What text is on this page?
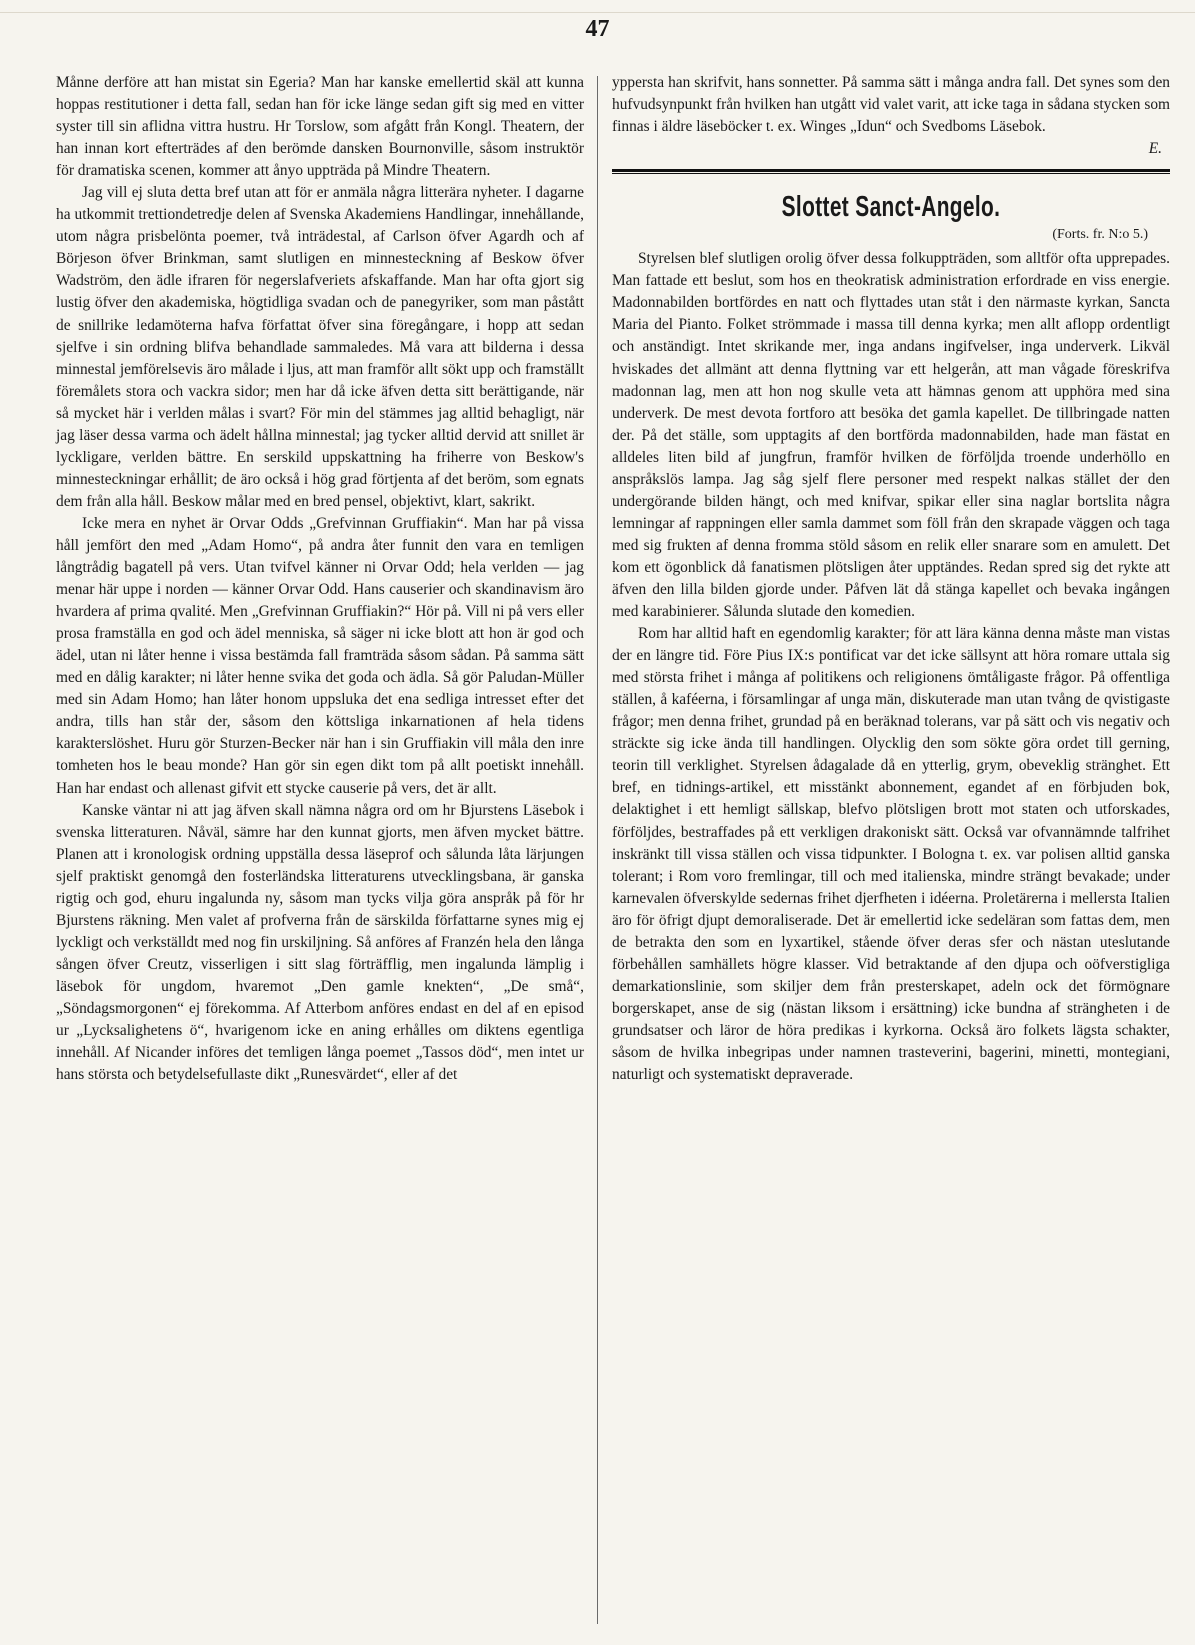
47

Månne derföre att han mistat sin Egeria? Man har kanske emellertid skäl att kunna hoppas restitutioner i detta fall, sedan han för icke länge sedan gift sig med en vitter syster till sin aflidna vittra hustru. Hr Torslow, som afgått från Kongl. Theatern, der han innan kort efterträdes af den berömde dansken Bournonville, såsom instruktör för dramatiska scenen, kommer att ånyo uppträda på Mindre Theatern.

Jag vill ej sluta detta bref utan att för er anmäla några litterära nyheter. I dagarne ha utkommit trettiondetredje delen af Svenska Akademiens Handlingar, innehållande, utom några prisbelönta poemer, två inträdestal, af Carlson öfver Agardh och af Börjeson öfver Brinkman, samt slutligen en minnesteckning af Beskow öfver Wadström, den ädle ifraren för negerslafveriets afskaffande. Man har ofta gjort sig lustig öfver den akademiska, högtidliga svadan och de panegyriker, som man påstått de snillrike ledamöterna hafva författat öfver sina föregångare, i hopp att sedan sjelfve i sin ordning blifva behandlade sammaledes. Må vara att bilderna i dessa minnestal jemförelsevis äro målade i ljus, att man framför allt sökt upp och framställt föremålets stora och vackra sidor; men har då icke äfven detta sitt berättigande, när så mycket här i verlden målas i svart? För min del stämmes jag alltid behagligt, när jag läser dessa varma och ädelt hållna minnestal; jag tycker alltid dervid att snillet är lyckligare, verlden bättre. En serskild uppskattning ha friherre von Beskow's minnesteckningar erhållit; de äro också i hög grad förtjenta af det beröm, som egnats dem från alla håll. Beskow målar med en bred pensel, objektivt, klart, sakrikt.

Icke mera en nyhet är Orvar Odds „Grefvinnan Gruffiakin“. Man har på vissa håll jemfört den med „Adam Homo“, på andra åter funnit den vara en temligen långtrådig bagatell på vers. Utan tvifvel känner ni Orvar Odd; hela verlden — jag menar här uppe i norden — känner Orvar Odd. Hans causerier och skandinavism äro hvardera af prima qvalité. Men „Grefvinnan Gruffiakin?“ Hör på. Vill ni på vers eller prosa framställa en god och ädel menniska, så säger ni icke blott att hon är god och ädel, utan ni låter henne i vissa bestämda fall framträda såsom sådan. På samma sätt med en dålig karakter; ni låter henne svika det goda och ädla. Så gör Paludan-Müller med sin Adam Homo; han låter honom uppsluka det ena sedliga intresset efter det andra, tills han står der, såsom den köttsliga inkarnationen af hela tidens karakterslöshet. Huru gör Sturzen-Becker när han i sin Gruffiakin vill måla den inre tomheten hos le beau monde? Han gör sin egen dikt tom på allt poetiskt innehåll. Han har endast och allenast gifvit ett stycke causerie på vers, det är allt.

Kanske väntar ni att jag äfven skall nämna några ord om hr Bjurstens Läsebok i svenska litteraturen. Nåväl, sämre har den kunnat gjorts, men äfven mycket bättre. Planen att i kronologisk ordning uppställa dessa läseprof och sålunda låta lärjungen sjelf praktiskt genomgå den fosterländska litteraturens utvecklingsbana, är ganska rigtig och god, ehuru ingalunda ny, såsom man tycks vilja göra anspråk på för hr Bjurstens räkning. Men valet af profverna från de särskilda författarne synes mig ej lyckligt och verkställdt med nog fin urskiljning. Så anföres af Franzén hela den långa sången öfver Creutz, visserligen i sitt slag förträfflig, men ingalunda lämplig i läsebok för ungdom, hvaremot „Den gamle knekten“, „De små“, „Söndagsmorgonen“ ej förekomma. Af Atterbom anföres endast en del af en episod ur „Lycksalighetens ö“, hvarigenom icke en aning erhålles om diktens egentliga innehåll. Af Nicander införes det temligen långa poemet „Tassos död“, men intet ur hans största och betydelsefullaste dikt „Runesvärdet“, eller af det

yppersta han skrifvit, hans sonnetter. På samma sätt i många andra fall. Det synes som den hufvudsynpunkt från hvilken han utgått vid valet varit, att icke taga in sådana stycken som finnas i äldre läseböcker t. ex. Winges „Idun“ och Svedboms Läsebok.

E.

Slottet Sanct-Angelo.

(Forts. fr. N:o 5.)

Styrelsen blef slutligen orolig öfver dessa folkuppträden, som alltför ofta upprepades. Man fattade ett beslut, som hos en theokratisk administration erfordrade en viss energie. Madonnabilden bortfördes en natt och flyttades utan ståt i den närmaste kyrkan, Sancta Maria del Pianto. Folket strömmade i massa till denna kyrka; men allt aflopp ordentligt och anständigt. Intet skrikande mer, inga andans ingifvelser, inga underverk. Likväl hviskades det allmänt att denna flyttning var ett helgerån, att man vågade föreskrifva madonnan lag, men att hon nog skulle veta att hämnas genom att upphöra med sina underverk. De mest devota fortforo att besöka det gamla kapellet. De tillbringade natten der. På det ställe, som upptagits af den bortförda madonnabilden, hade man fästat en alldeles liten bild af jungfrun, framför hvilken de förföljda troende underhöllo en anspråkslös lampa. Jag såg sjelf flere personer med respekt nalkas stället der den undergörande bilden hängt, och med knifvar, spikar eller sina naglar bortslita några lemningar af rappningen eller samla dammet som föll från den skrapade väggen och taga med sig frukten af denna fromma stöld såsom en relik eller snarare som en amulett. Det kom ett ögonblick då fanatismen plötsligen åter upptändes. Redan spred sig det rykte att äfven den lilla bilden gjorde under. Påfven lät då stänga kapellet och bevaka ingången med karabinierer. Sålunda slutade den komedien.

Rom har alltid haft en egendomlig karakter; för att lära känna denna måste man vistas der en längre tid. Före Pius IX:s pontificat var det icke sällsynt att höra romare uttala sig med största frihet i många af politikens och religionens ömtåligaste frågor. På offentliga ställen, å kaféerna, i församlingar af unga män, diskuterade man utan tvång de qvistigaste frågor; men denna frihet, grundad på en beräknad tolerans, var på sätt och vis negativ och sträckte sig icke ända till handlingen. Olycklig den som sökte göra ordet till gerning, teorin till verklighet. Styrelsen ådagalade då en ytterlig, grym, obeveklig stränghet. Ett bref, en tidnings-artikel, ett misstänkt abonnement, egandet af en förbjuden bok, delaktighet i ett hemligt sällskap, blefvo plötsligen brott mot staten och utforskades, förföljdes, bestraffades på ett verkligen drakoniskt sätt. Också var ofvannämnde talfrihet inskränkt till vissa ställen och vissa tidpunkter. I Bologna t. ex. var polisen alltid ganska tolerant; i Rom voro fremlingar, till och med italienska, mindre strängt bevakade; under karnevalen öfverskylde sedernas frihet djerfheten i idéerna. Proletärerna i mellersta Italien äro för öfrigt djupt demoraliserade. Det är emellertid icke sedeläran som fattas dem, men de betrakta den som en lyxartikel, stående öfver deras sfer och nästan uteslutande förbehållen samhällets högre klasser. Vid betraktande af den djupa och oöfverstigliga demarkationslinie, som skiljer dem från presterskapet, adeln ock det förmögnare borgerskapet, anse de sig (nästan liksom i ersättning) icke bundna af strängheten i de grundsatser och läror de höra predikas i kyrkorna. Också äro folkets lägsta schakter, såsom de hvilka inbegripas under namnen trasteverini, bagerini, minetti, montegiani, naturligt och systematiskt depraverade.
